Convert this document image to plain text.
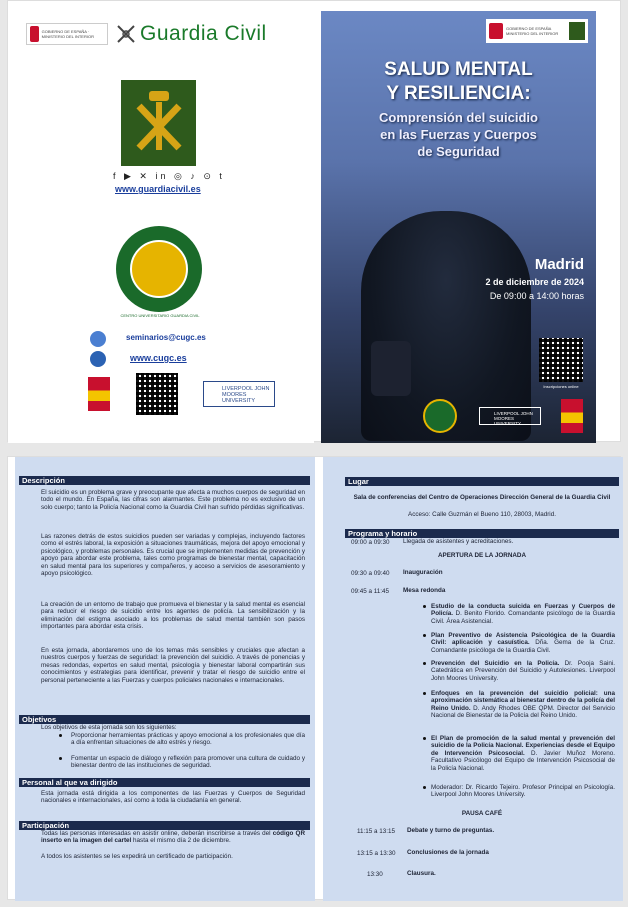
GOBIERNO DE ESPAÑA · MINISTERIO DEL INTERIOR	Guardia Civil
f ▶ ✕ in ◎ ♪ ⊙ t
www.guardiacivil.es
CENTRO UNIVERSITARIO GUARDIA CIVIL
seminarios@cugc.es
www.cugc.es
LIVERPOOL JOHN MOORES UNIVERSITY
GOBIERNO DE ESPAÑA MINISTERIO DEL INTERIOR
SALUD MENTAL
Y RESILIENCIA:
Comprensión del suicidio
en las Fuerzas y Cuerpos
de Seguridad
Madrid
2 de diciembre de 2024
De 09:00 a 14:00 horas
Inscripciones online
LIVERPOOL JOHN MOORES UNIVERSITY
Descripción
El suicidio es un problema grave y preocupante que afecta a muchos cuerpos de seguridad en todo el mundo. En España, las cifras son alarmantes. Este problema no es exclusivo de un solo cuerpo; tanto la Policía Nacional como la Guardia Civil han sufrido pérdidas significativas.
Las razones detrás de estos suicidios pueden ser variadas y complejas, incluyendo factores como el estrés laboral, la exposición a situaciones traumáticas, mejora del apoyo emocional y psicológico, y problemas personales. Es crucial que se implementen medidas de prevención y apoyo para abordar este problema, tales como programas de bienestar mental, capacitación en salud mental para los superiores y compañeros, y acceso a servicios de asesoramiento y apoyo psicológico.
La creación de un entorno de trabajo que promueva el bienestar y la salud mental es esencial para reducir el riesgo de suicidio entre los agentes de policía. La sensibilización y la eliminación del estigma asociado a los problemas de salud mental también son pasos importantes para abordar esta crisis.
En esta jornada, abordaremos uno de los temas más sensibles y cruciales que afectan a nuestros cuerpos y fuerzas de seguridad: la prevención del suicidio. A través de ponencias y mesas redondas, expertos en salud mental, psicología y bienestar laboral compartirán sus conocimientos y estrategias para identificar, prevenir y tratar el riesgo de suicidio entre el personal perteneciente a las Fuerzas y cuerpos policiales nacionales e internacionales.
Objetivos
Los objetivos de esta jornada son los siguientes:
Proporcionar herramientas prácticas y apoyo emocional a los profesionales que día a día enfrentan situaciones de alto estrés y riesgo.
Fomentar un espacio de diálogo y reflexión para promover una cultura de cuidado y bienestar dentro de las instituciones de seguridad.
Personal al que va dirigido
Esta jornada está dirigida a los componentes de las Fuerzas y Cuerpos de Seguridad nacionales e internacionales, así como a toda la ciudadanía en general.
Participación
Todas las personas interesadas en asistir online, deberán inscribirse a través del código QR inserto en la imagen del cartel hasta el mismo día 2 de diciembre.
A todos los asistentes se les expedirá un certificado de participación.
Lugar
Sala de conferencias del Centro de Operaciones Dirección General de la Guardia Civil
Acceso: Calle Guzmán el Bueno 110, 28003, Madrid.
Programa y horario
09:00 a 09:30 Llegada de asistentes y acreditaciones.
APERTURA DE LA JORNADA
09:30 a 09:40 Inauguración
09:45 a 11:45 Mesa redonda
Estudio de la conducta suicida en Fuerzas y Cuerpos de Policía. D. Benito Florido. Comandante psicólogo de la Guardia Civil. Área Asistencial.
Plan Preventivo de Asistencia Psicológica de la Guardia Civil: aplicación y casuística. Dña. Gema de la Cruz. Comandante psicóloga de la Guardia Civil.
Prevención del Suicidio en la Policía. Dr. Pooja Saini. Catedrática en Prevención del Suicidio y Autolesiones. Liverpool John Moores University.
Enfoques en la prevención del suicidio policial: una aproximación sistemática al bienestar dentro de la policía del Reino Unido. D. Andy Rhodes OBE QPM. Director del Servicio Nacional de Bienestar de la Policía del Reino Unido.
El Plan de promoción de la salud mental y prevención del suicidio de la Policía Nacional. Experiencias desde el Equipo de Intervención Psicosocial. D. Javier Muñoz Moreno. Facultativo Psicólogo del Equipo de Intervención Psicosocial de la Policía Nacional.
Moderador: Dr. Ricardo Tejeiro. Profesor Principal en Psicología. Liverpool John Moores University.
PAUSA CAFÉ
11:15 a 13:15 Debate y turno de preguntas.
13:15 a 13:30 Conclusiones de la jornada
13:30	Clausura.
